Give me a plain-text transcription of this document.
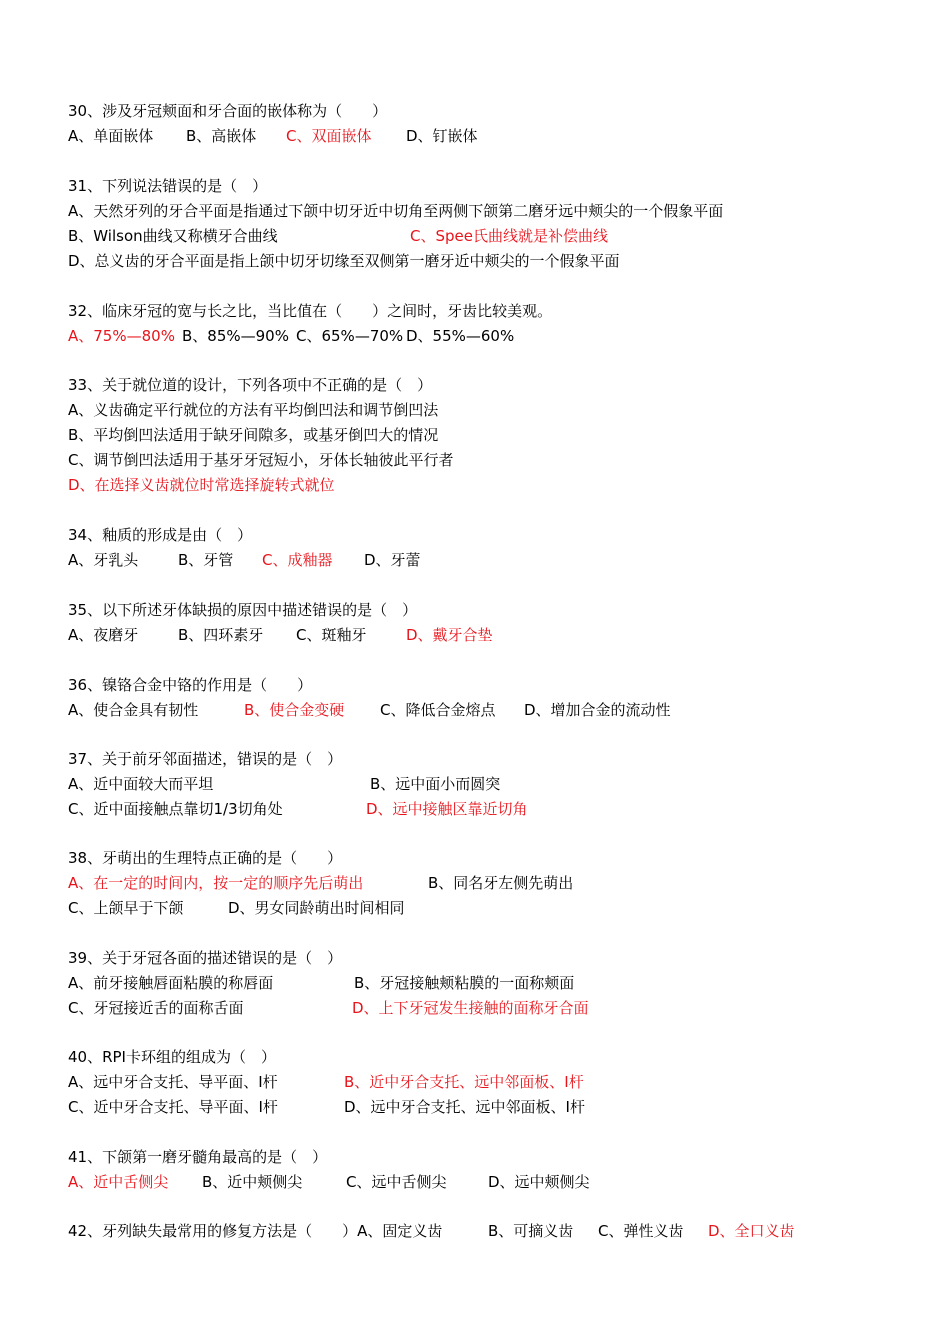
30、涉及牙冠颊面和牙合面的嵌体称为（　　）
A、单面嵌体 B、高嵌体 C、双面嵌体 D、钉嵌体
31、下列说法错误的是（　）
A、天然牙列的牙合平面是指通过下颌中切牙近中切角至两侧下颌第二磨牙远中颊尖的一个假象平面
B、Wilson曲线又称横牙合曲线	C、Spee氏曲线就是补偿曲线
D、总义齿的牙合平面是指上颌中切牙切缘至双侧第一磨牙近中颊尖的一个假象平面
32、临床牙冠的宽与长之比，当比值在（　　）之间时，牙齿比较美观。
A、75%—80% B、85%—90% C、65%—70% D、55%—60%
33、关于就位道的设计，下列各项中不正确的是（　）
A、义齿确定平行就位的方法有平均倒凹法和调节倒凹法
B、平均倒凹法适用于缺牙间隙多，或基牙倒凹大的情况
C、调节倒凹法适用于基牙牙冠短小，牙体长轴彼此平行者
D、在选择义齿就位时常选择旋转式就位
34、釉质的形成是由（　）
A、牙乳头	B、牙管 C、成釉器 D、牙蕾
35、以下所述牙体缺损的原因中描述错误的是（　）
A、夜磨牙	B、四环素牙 C、斑釉牙	D、戴牙合垫
36、镍铬合金中铬的作用是（　　）
A、使合金具有韧性	B、使合金变硬 C、降低合金熔点 D、增加合金的流动性
37、关于前牙邻面描述，错误的是（　）
A、近中面较大而平坦	B、远中面小而圆突
C、近中面接触点靠切1/3切角处	D、远中接触区靠近切角
38、牙萌出的生理特点正确的是（　　）
A、在一定的时间内，按一定的顺序先后萌出	B、同名牙左侧先萌出
C、上颌早于下颌	D、男女同龄萌出时间相同
39、关于牙冠各面的描述错误的是（　）
A、前牙接触唇面粘膜的称唇面	B、牙冠接触颊粘膜的一面称颊面
C、牙冠接近舌的面称舌面	D、上下牙冠发生接触的面称牙合面
40、RPI卡环组的组成为（　）
A、远中牙合支托、导平面、I杆	B、近中牙合支托、远中邻面板、I杆
C、近中牙合支托、导平面、I杆	D、远中牙合支托、远中邻面板、I杆
41、下颌第一磨牙髓角最高的是（　）
A、近中舌侧尖 B、近中颊侧尖	C、远中舌侧尖	D、远中颊侧尖
42、牙列缺失最常用的修复方法是（　　）A、固定义齿	B、可摘义齿 C、弹性义齿 D、全口义齿
